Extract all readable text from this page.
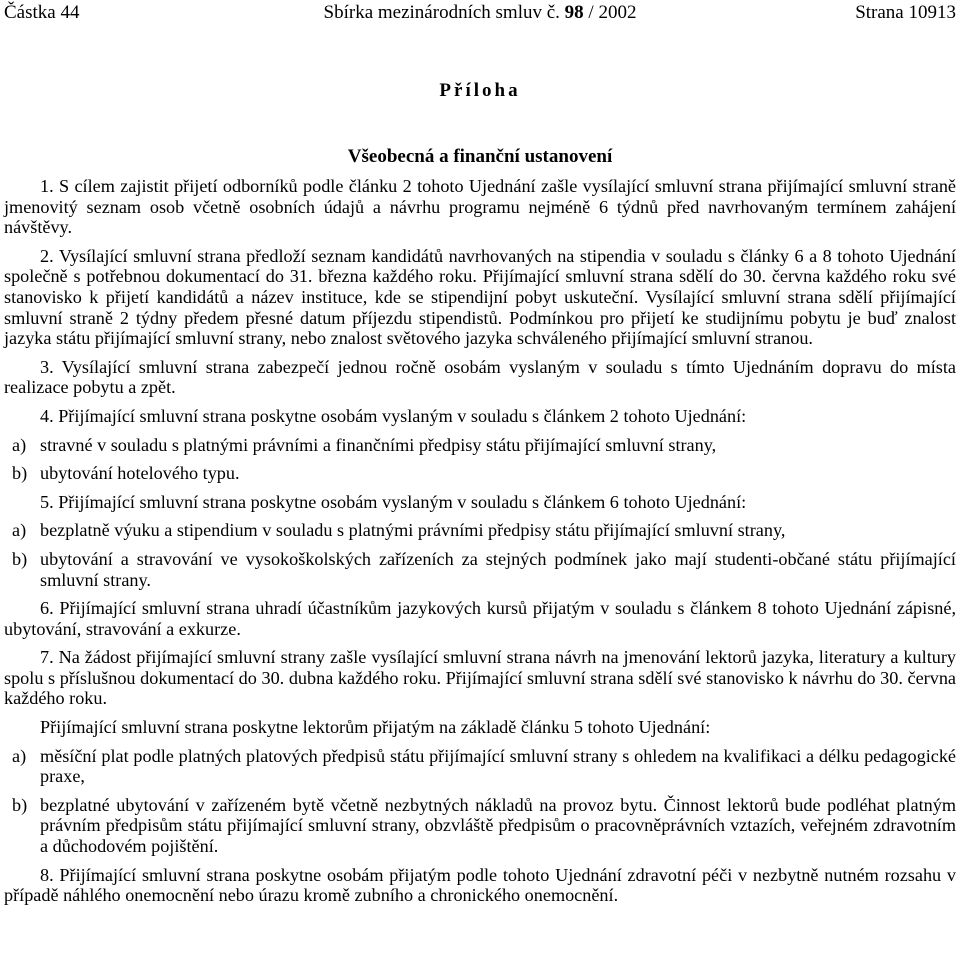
Částka 44	Sbírka mezinárodních smluv č. 98 / 2002	Strana 10913
Příloha
Všeobecná a finanční ustanovení

1. S cílem zajistit přijetí odborníků podle článku 2 tohoto Ujednání zašle vysílající smluvní strana přijímající smluvní straně jmenovitý seznam osob včetně osobních údajů a návrhu programu nejméně 6 týdnů před navrhovaným termínem zahájení návštěvy.

2. Vysílající smluvní strana předloží seznam kandidátů navrhovaných na stipendia v souladu s články 6 a 8 tohoto Ujednání společně s potřebnou dokumentací do 31. března každého roku. Přijímající smluvní strana sdělí do 30. června každého roku své stanovisko k přijetí kandidátů a název instituce, kde se stipendijní pobyt uskuteční. Vysílající smluvní strana sdělí přijímající smluvní straně 2 týdny předem přesné datum příjezdu stipendistů. Podmínkou pro přijetí ke studijnímu pobytu je buď znalost jazyka státu přijímající smluvní strany, nebo znalost světového jazyka schváleného přijímající smluvní stranou.

3. Vysílající smluvní strana zabezpečí jednou ročně osobám vyslaným v souladu s tímto Ujednáním dopravu do místa realizace pobytu a zpět.

4. Přijímající smluvní strana poskytne osobám vyslaným v souladu s článkem 2 tohoto Ujednání:

a) stravné v souladu s platnými právními a finančními předpisy státu přijímající smluvní strany,
b) ubytování hotelového typu.

5. Přijímající smluvní strana poskytne osobám vyslaným v souladu s článkem 6 tohoto Ujednání:

a) bezplatně výuku a stipendium v souladu s platnými právními předpisy státu přijímající smluvní strany,
b) ubytování a stravování ve vysokoškolských zařízeních za stejných podmínek jako mají studenti-občané státu přijímající smluvní strany.

6. Přijímající smluvní strana uhradí účastníkům jazykových kursů přijatým v souladu s článkem 8 tohoto Ujednání zápisné, ubytování, stravování a exkurze.

7. Na žádost přijímající smluvní strany zašle vysílající smluvní strana návrh na jmenování lektorů jazyka, literatury a kultury spolu s příslušnou dokumentací do 30. dubna každého roku. Přijímající smluvní strana sdělí své stanovisko k návrhu do 30. června každého roku.

Přijímající smluvní strana poskytne lektorům přijatým na základě článku 5 tohoto Ujednání:

a) měsíční plat podle platných platových předpisů státu přijímající smluvní strany s ohledem na kvalifikaci a délku pedagogické praxe,
b) bezplatné ubytování v zařízeném bytě včetně nezbytných nákladů na provoz bytu. Činnost lektorů bude podléhat platným právním předpisům státu přijímající smluvní strany, obzvláště předpisům o pracovněprávních vztazích, veřejném zdravotním a důchodovém pojištění.

8. Přijímající smluvní strana poskytne osobám přijatým podle tohoto Ujednání zdravotní péči v nezbytně nutném rozsahu v případě náhlého onemocnění nebo úrazu kromě zubního a chronického onemocnění.
